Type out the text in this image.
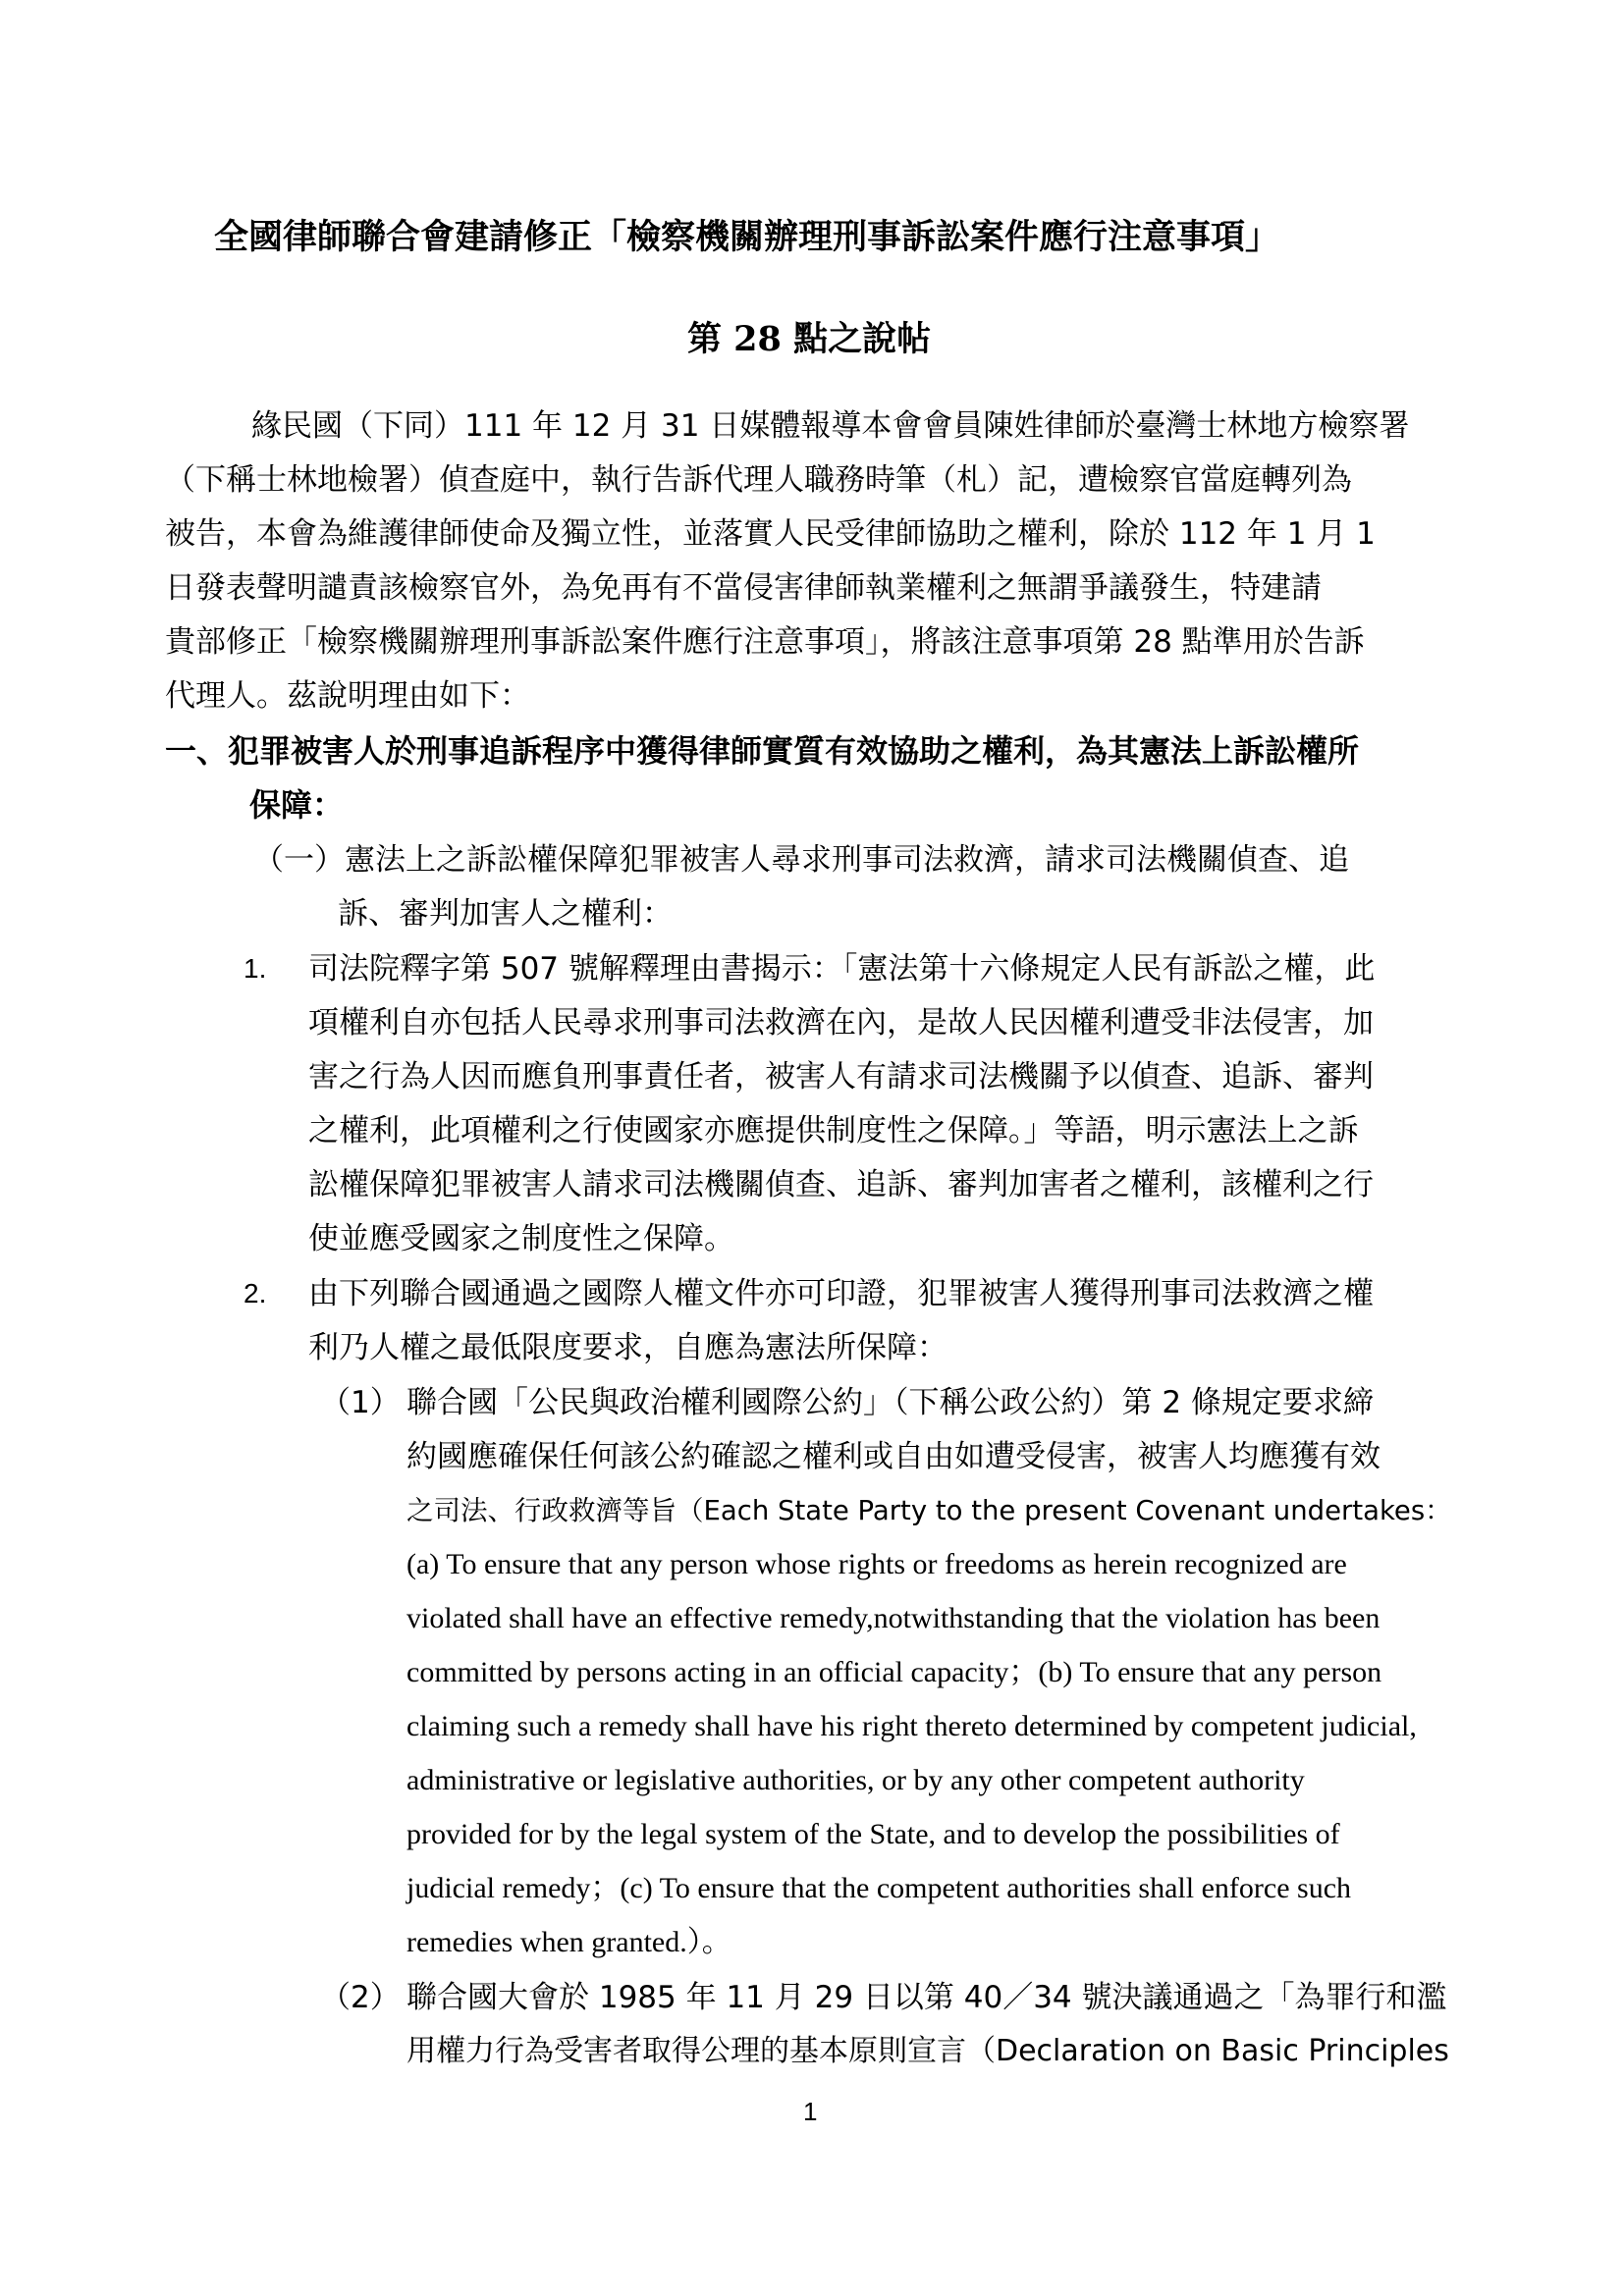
全國律師聯合會建請修正「檢察機關辦理刑事訴訟案件應行注意事項」
第 28 點之說帖
緣民國（下同）111 年 12 月 31 日媒體報導本會會員陳姓律師於臺灣士林地方檢察署
（下稱士林地檢署）偵查庭中，執行告訴代理人職務時筆（札）記，遭檢察官當庭轉列為
被告，本會為維護律師使命及獨立性，並落實人民受律師協助之權利，除於 112 年 1 月 1
日發表聲明譴責該檢察官外，為免再有不當侵害律師執業權利之無謂爭議發生，特建請
貴部修正「檢察機關辦理刑事訴訟案件應行注意事項」，將該注意事項第 28 點準用於告訴
代理人。茲說明理由如下：
一、犯罪被害人於刑事追訴程序中獲得律師實質有效協助之權利，為其憲法上訴訟權所
保障：
（一）憲法上之訴訟權保障犯罪被害人尋求刑事司法救濟，請求司法機關偵查、追
訴、審判加害人之權利：
1. 司法院釋字第 507 號解釋理由書揭示：「憲法第十六條規定人民有訴訟之權，此
項權利自亦包括人民尋求刑事司法救濟在內，是故人民因權利遭受非法侵害，加
害之行為人因而應負刑事責任者，被害人有請求司法機關予以偵查、追訴、審判
之權利，此項權利之行使國家亦應提供制度性之保障。」等語，明示憲法上之訴
訟權保障犯罪被害人請求司法機關偵查、追訴、審判加害者之權利，該權利之行
使並應受國家之制度性之保障。
2. 由下列聯合國通過之國際人權文件亦可印證，犯罪被害人獲得刑事司法救濟之權
利乃人權之最低限度要求，自應為憲法所保障：
（1） 聯合國「公民與政治權利國際公約」（下稱公政公約）第 2 條規定要求締
約國應確保任何該公約確認之權利或自由如遭受侵害，被害人均應獲有效
之司法、行政救濟等旨（Each State Party to the present Covenant undertakes：
(a) To ensure that any person whose rights or freedoms as herein recognized are
violated shall have an effective remedy,notwithstanding that the violation has been
committed by persons acting in an official capacity；(b) To ensure that any person
claiming such a remedy shall have his right thereto determined by competent judicial,
administrative or legislative authorities, or by any other competent authority
provided for by the legal system of the State, and to develop the possibilities of
judicial remedy；(c) To ensure that the competent authorities shall enforce such
remedies when granted.）。
（2） 聯合國大會於 1985 年 11 月 29 日以第 40／34 號決議通過之「為罪行和濫
用權力行為受害者取得公理的基本原則宣言（Declaration on Basic Principles
1
